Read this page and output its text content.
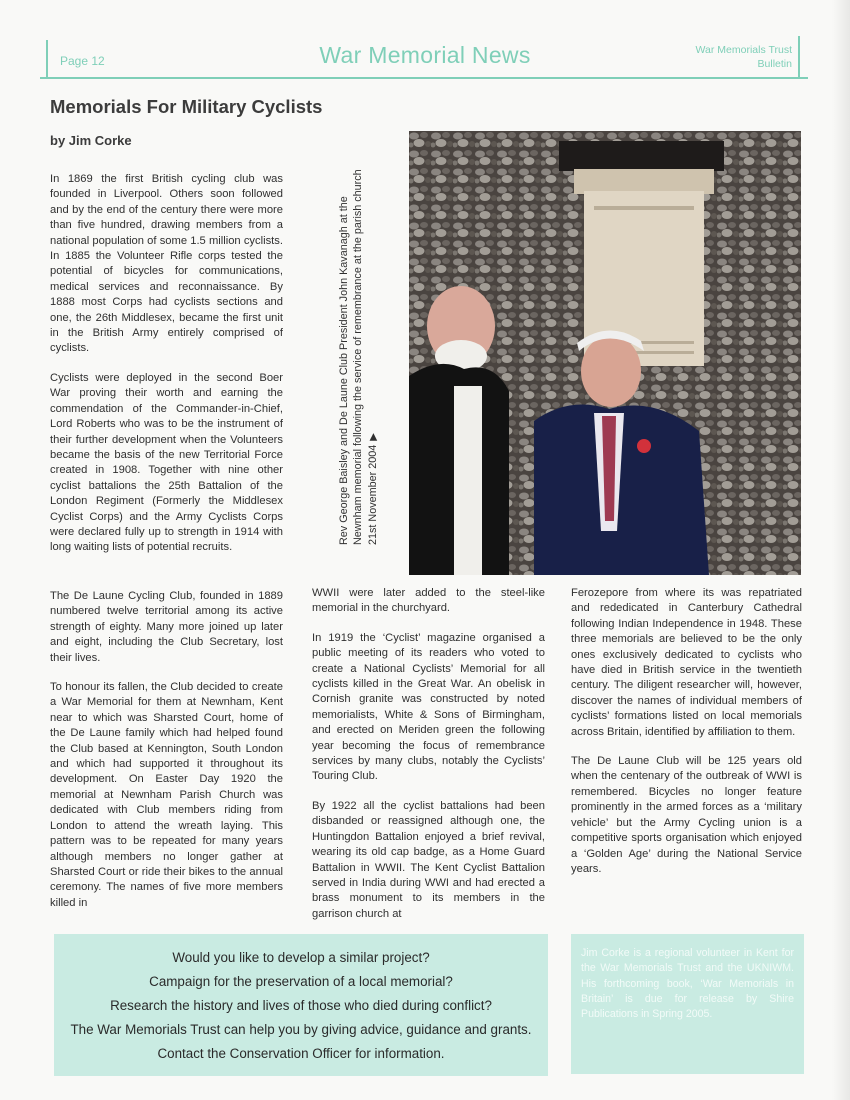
Page 12	War Memorial News	War Memorials Trust
Bulletin
Memorials For Military Cyclists
by Jim Corke

In 1869 the first British cycling club was founded in Liverpool. Others soon followed and by the end of the century there were more than five hundred, drawing members from a national population of some 1.5 million cyclists. In 1885 the Volunteer Rifle corps tested the potential of bicycles for communications, medical services and reconnaissance. By 1888 most Corps had cyclists sections and one, the 26th Middlesex, became the first unit in the British Army entirely comprised of cyclists.

Cyclists were deployed in the second Boer War proving their worth and earning the commendation of the Commander-in-Chief, Lord Roberts who was to be the instrument of their further development when the Volunteers became the basis of the new Territorial Force created in 1908. Together with nine other cyclist battalions the 25th Battalion of the London Regiment (Formerly the Middlesex Cyclist Corps) and the Army Cyclists Corps were declared fully up to strength in 1914 with long waiting lists of potential recruits.

The De Laune Cycling Club, founded in 1889 numbered twelve territorial among its active strength of eighty. Many more joined up later and eight, including the Club Secretary, lost their lives.

To honour its fallen, the Club decided to create a War Memorial for them at Newnham, Kent near to which was Sharsted Court, home of the De Laune family which had helped found the Club based at Kennington, South London and which had supported it throughout its development. On Easter Day 1920 the memorial at Newnham Parish Church was dedicated with Club members riding from London to attend the wreath laying. This pattern was to be repeated for many years although members no longer gather at Sharsted Court or ride their bikes to the annual ceremony. The names of five more members killed in

Rev George Baisley and De Laune Club President John Kavanagh at the Newnham memorial following the service of remembrance at the parish church 21st November 2004▶

WWII were later added to the steel-like memorial in the churchyard.

In 1919 the ‘Cyclist’ magazine organised a public meeting of its readers who voted to create a National Cyclists’ Memorial for all cyclists killed in the Great War. An obelisk in Cornish granite was constructed by noted memorialists, White & Sons of Birmingham, and erected on Meriden green the following year becoming the focus of remembrance services by many clubs, notably the Cyclists’ Touring Club.

By 1922 all the cyclist battalions had been disbanded or reassigned although one, the Huntingdon Battalion enjoyed a brief revival, wearing its old cap badge, as a Home Guard Battalion in WWII. The Kent Cyclist Battalion served in India during WWI and had erected a brass monument to its members in the garrison church at

Ferozepore from where its was repatriated and rededicated in Canterbury Cathedral following Indian Independence in 1948. These three memorials are believed to be the only ones exclusively dedicated to cyclists who have died in British service in the twentieth century. The diligent researcher will, however, discover the names of individual members of cyclists’ formations listed on local memorials across Britain, identified by affiliation to them.

The De Laune Club will be 125 years old when the centenary of the outbreak of WWI is remembered. Bicycles no longer feature prominently in the armed forces as a ‘military vehicle’ but the Army Cycling union is a competitive sports organisation which enjoyed a ‘Golden Age’ during the National Service years.

Would you like to develop a similar project?
Campaign for the preservation of a local memorial?
Research the history and lives of those who died during conflict?
The War Memorials Trust can help you by giving advice, guidance and grants.
Contact the Conservation Officer for information.
Jim Corke is a regional volunteer in Kent for the War Memorials Trust and the UKNIWM. His forthcoming book, ‘War Memorials in Britain’ is due for release by Shire Publications in Spring 2005.
